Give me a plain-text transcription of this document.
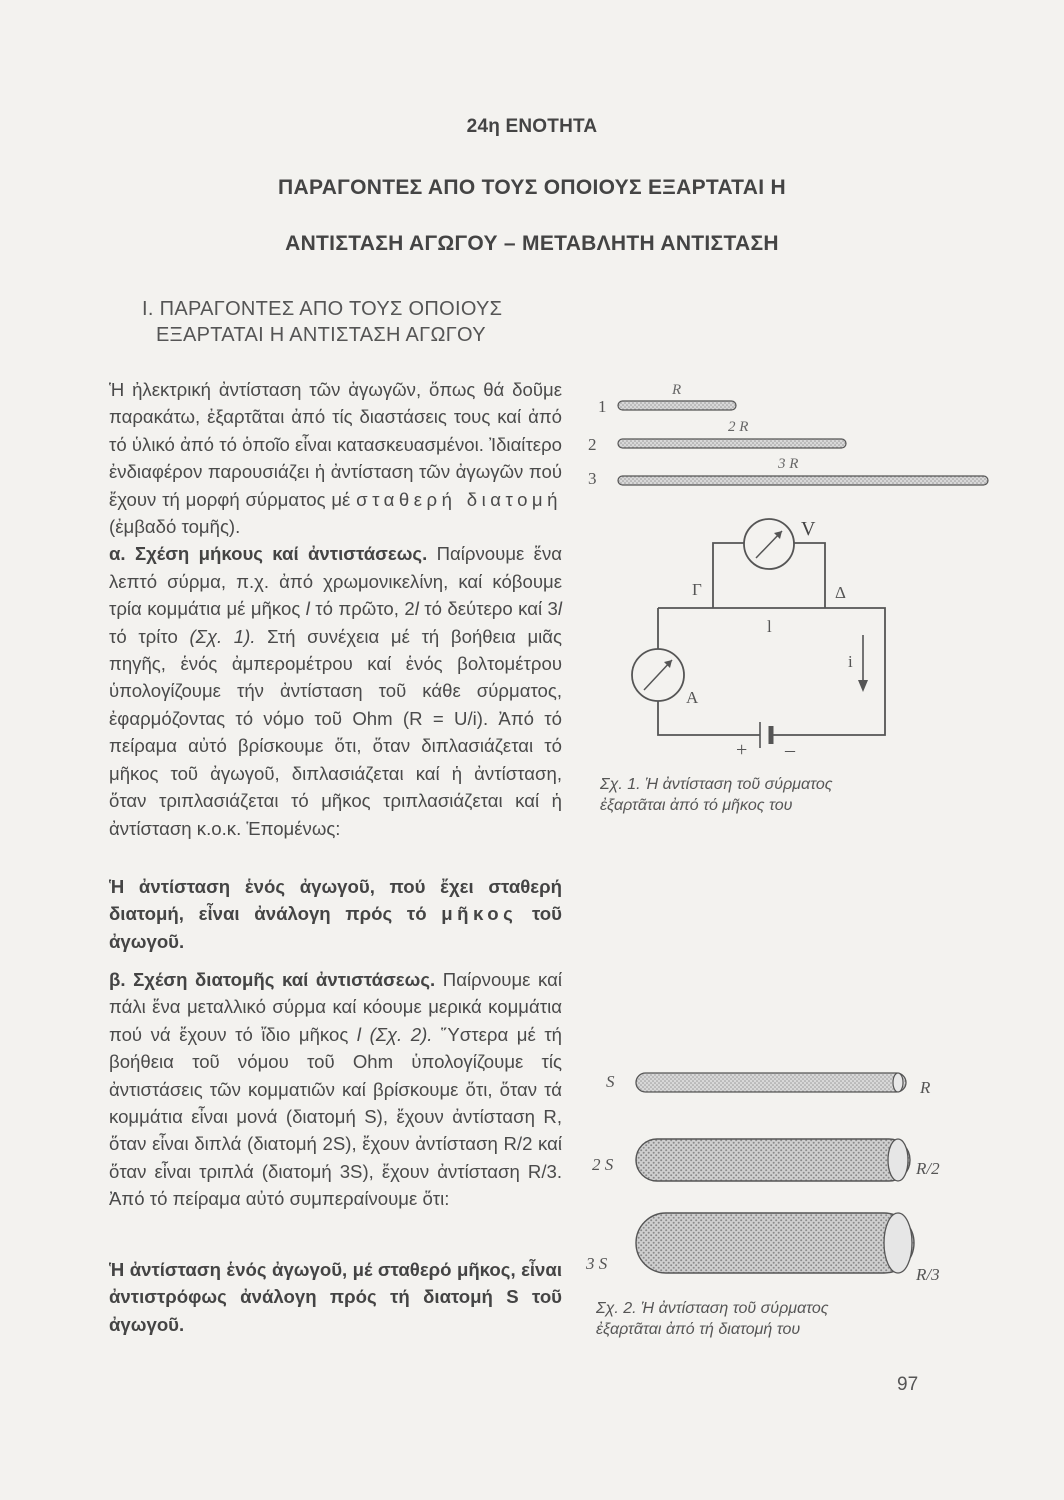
24η ΕΝΟΤΗΤΑ
ΠΑΡΑΓΟΝΤΕΣ ΑΠΟ ΤΟΥΣ ΟΠΟΙΟΥΣ ΕΞΑΡΤΑΤΑΙ Η
ΑΝΤΙΣΤΑΣΗ ΑΓΩΓΟΥ – ΜΕΤΑΒΛΗΤΗ ΑΝΤΙΣΤΑΣΗ
I. ΠΑΡΑΓΟΝΤΕΣ ΑΠΟ ΤΟΥΣ ΟΠΟΙΟΥΣ
ΕΞΑΡΤΑΤΑΙ Η ΑΝΤΙΣΤΑΣΗ ΑΓΩΓΟΥ

Ἡ ἠλεκτρική ἀντίσταση τῶν ἀγωγῶν, ὅπως θά δοῦμε παρακάτω, ἐξαρτᾶται ἀπό τίς διαστάσεις τους καί ἀπό τό ὑλικό ἀπό τό ὁποῖο εἶναι κατασκευασμένοι. Ἰδιαίτερο ἐνδιαφέρον παρουσιάζει ἡ ἀντίσταση τῶν ἀγωγῶν πού ἔχουν τή μορφή σύρματος μέ σταθερή διατομή (ἐμβαδό τομῆς).

α. Σχέση μήκους καί ἀντιστάσεως. Παίρνουμε ἕνα λεπτό σύρμα, π.χ. ἀπό χρωμονικελίνη, καί κόβουμε τρία κομμάτια μέ μῆκος l τό πρῶτο, 2l τό δεύτερο καί 3l τό τρίτο (Σχ. 1). Στή συνέχεια μέ τή βοήθεια μιᾶς πηγῆς, ἑνός ἀμπερομέτρου καί ἑνός βολτομέτρου ὑπολογίζουμε τήν ἀντίσταση τοῦ κάθε σύρματος, ἐφαρμόζοντας τό νόμο τοῦ Ohm (R = U/i). Ἀπό τό πείραμα αὐτό βρίσκουμε ὅτι, ὅταν διπλασιάζεται τό μῆκος τοῦ ἀγωγοῦ, διπλασιάζεται καί ἡ ἀντίσταση, ὅταν τριπλασιάζεται τό μῆκος τριπλασιάζεται καί ἡ ἀντίσταση κ.ο.κ. Ἑπομένως:

Ἡ ἀντίσταση ἑνός ἀγωγοῦ, πού ἔχει σταθερή διατομή, εἶναι ἀνάλογη πρός τό μῆκος τοῦ ἀγωγοῦ.

β. Σχέση διατομῆς καί ἀντιστάσεως. Παίρνουμε καί πάλι ἕνα μεταλλικό σύρμα καί κόουμε μερικά κομμάτια πού νά ἔχουν τό ἴδιο μῆκος l (Σχ. 2). Ὕστερα μέ τή βοήθεια τοῦ νόμου τοῦ Ohm ὑπολογίζουμε τίς ἀντιστάσεις τῶν κομματιῶν καί βρίσκουμε ὅτι, ὅταν τά κομμάτια εἶναι μονά (διατομή S), ἔχουν ἀντίσταση R, ὅταν εἶναι διπλά (διατομή 2S), ἔχουν ἀντίσταση R/2 καί ὅταν εἶναι τριπλά (διατομή 3S), ἔχουν ἀντίσταση R/3. Ἀπό τό πείραμα αὐτό συμπεραίνουμε ὅτι:

Ἡ ἀντίσταση ἑνός ἀγωγοῦ, μέ σταθερό μῆκος, εἶναι ἀντιστρόφως ἀνάλογη πρός τή διατομή S τοῦ ἀγωγοῦ.

1
R
2
2 R
3
3 R
V
A
Γ	Δ
l
i
+ –
Σχ. 1. Ἡ ἀντίσταση τοῦ σύρματος
ἐξαρτᾶται ἀπό τό μῆκος του
S	R
2 S	R/2
3 S
R/3
Σχ. 2. Ἡ ἀντίσταση τοῦ σύρματος
ἐξαρτᾶται ἀπό τή διατομή του
97
